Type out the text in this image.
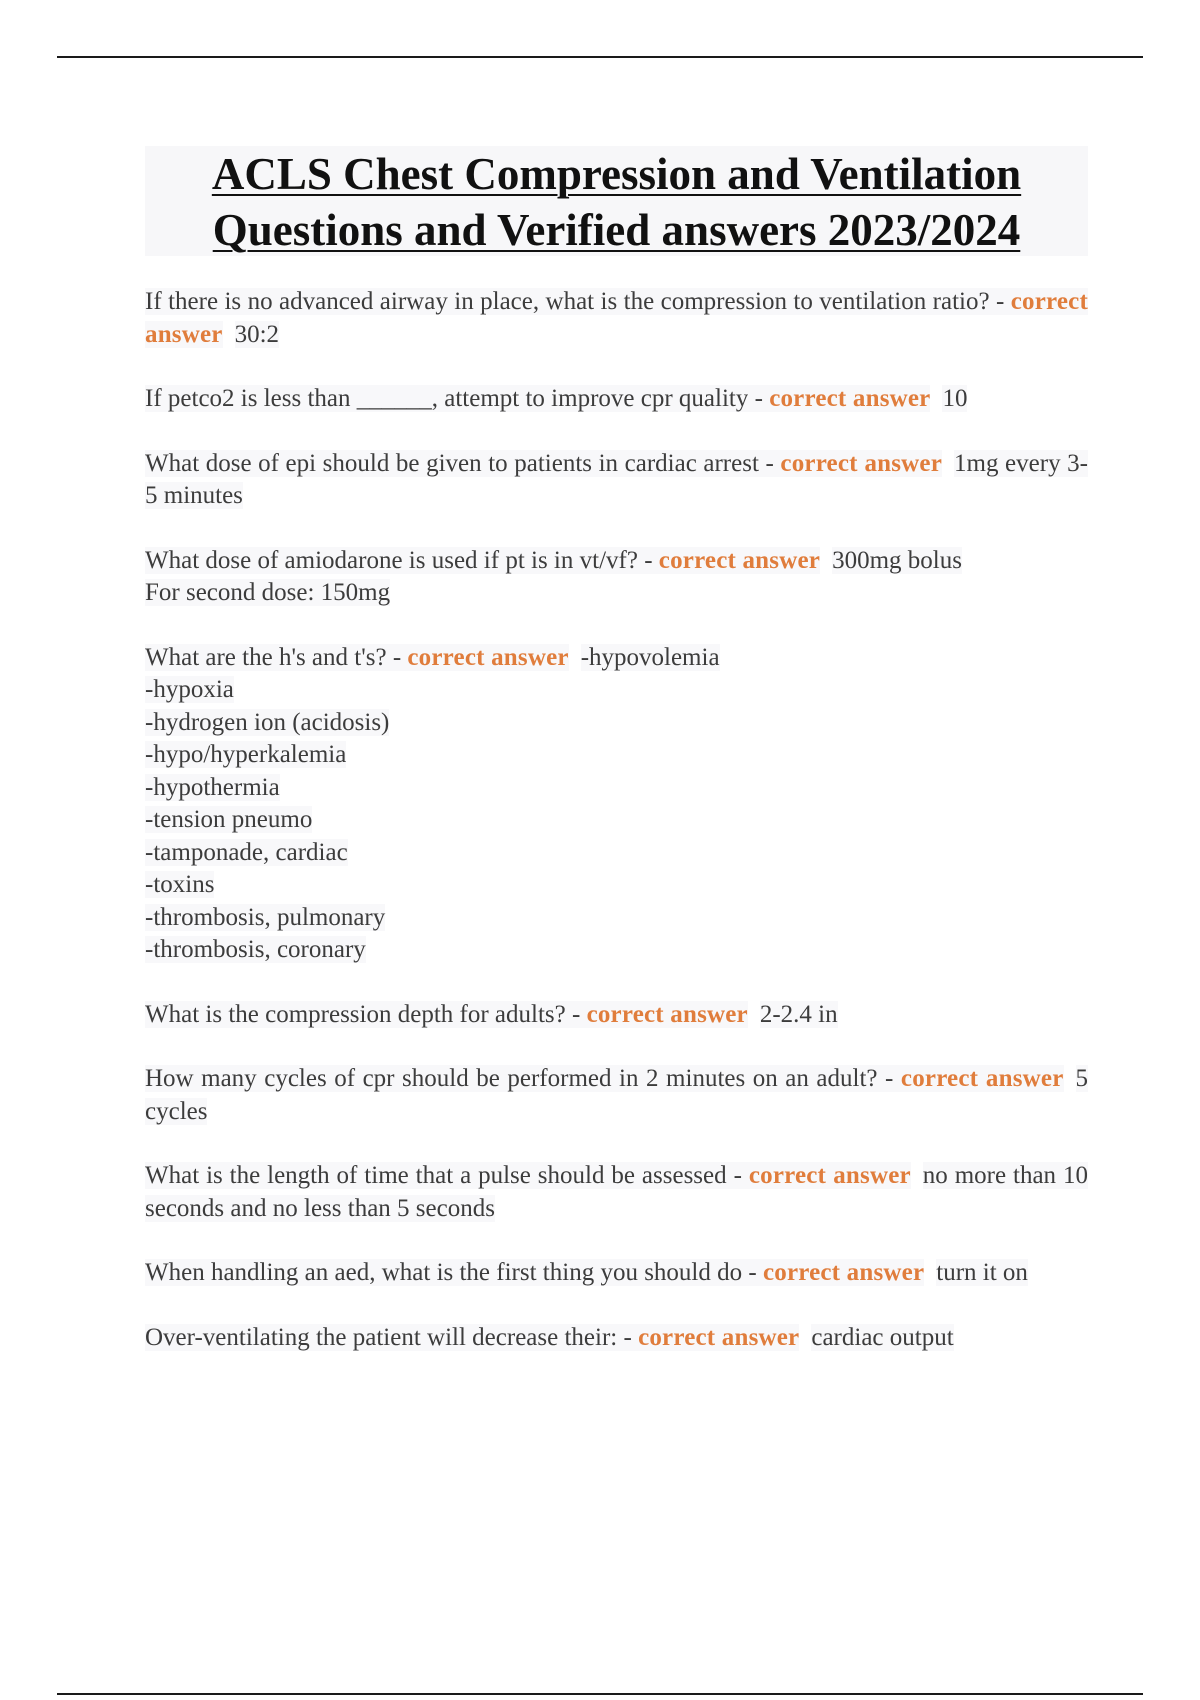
ACLS Chest Compression and Ventilation
Questions and Verified answers 2023/2024
If there is no advanced airway in place, what is the compression to ventilation ratio? - correct answer 30:2
If petco2 is less than ______, attempt to improve cpr quality - correct answer 10
What dose of epi should be given to patients in cardiac arrest - correct answer 1mg every 3-5 minutes
What dose of amiodarone is used if pt is in vt/vf? - correct answer 300mg bolus
For second dose: 150mg
What are the h's and t's? - correct answer -hypovolemia
-hypoxia
-hydrogen ion (acidosis)
-hypo/hyperkalemia
-hypothermia
-tension pneumo
-tamponade, cardiac
-toxins
-thrombosis, pulmonary
-thrombosis, coronary
What is the compression depth for adults? - correct answer 2-2.4 in
How many cycles of cpr should be performed in 2 minutes on an adult? - correct answer 5 cycles
What is the length of time that a pulse should be assessed - correct answer no more than 10 seconds and no less than 5 seconds
When handling an aed, what is the first thing you should do - correct answer turn it on
Over-ventilating the patient will decrease their: - correct answer cardiac output
